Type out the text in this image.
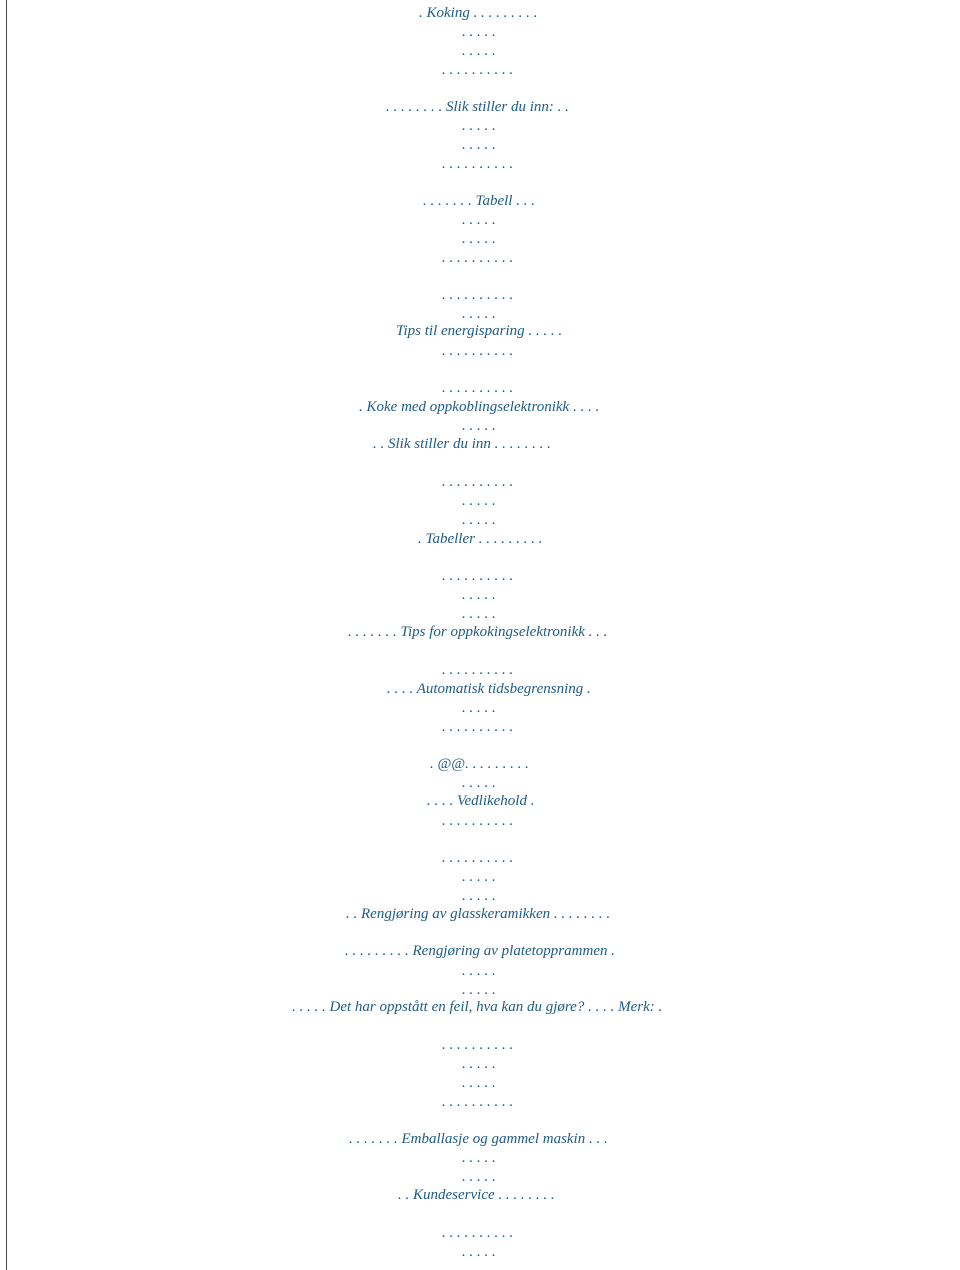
. Koking . . . . . . . . .
. . . . .
. . . . .
. . . . . . . . . .
. . . . . . . . Slik stiller du inn: . .
. . . . .
. . . . .
. . . . . . . . . .
. . . . . . . Tabell . . .
. . . . .
. . . . .
. . . . . . . . . .
. . . . . . . . . .
. . . . .
Tips til energisparing . . . . .
. . . . . . . . . .
. . . . . . . . . .
. Koke med oppkoblingselektronikk . . . .
. . . . .
. . Slik stiller du inn . . . . . . . .
. . . . . . . . . .
. . . . .
. . . . .
. Tabeller . . . . . . . . .
. . . . . . . . . .
. . . . .
. . . . .
. . . . . . . Tips for oppkokingselektronikk . . .
. . . . . . . . . .
. . . . Automatisk tidsbegrensning .
. . . . .
. . . . . . . . . .
. @@. . . . . . . . .
. . . . .
. . . . Vedlikehold .
. . . . . . . . . .
. . . . . . . . . .
. . . . .
. . . . .
. . Rengjøring av glasskeramikken . . . . . . . .
. . . . . . . . . Rengjøring av platetopprammen .
. . . . .
. . . . .
. . . . . Det har oppstått en feil, hva kan du gjøre? . . . . Merk: .
. . . . . . . . . .
. . . . .
. . . . .
. . . . . . . . . .
. . . . . . . Emballasje og gammel maskin . . .
. . . . .
. . . . .
. . Kundeservice . . . . . . . .
. . . . . . . . . .
. . . . .
